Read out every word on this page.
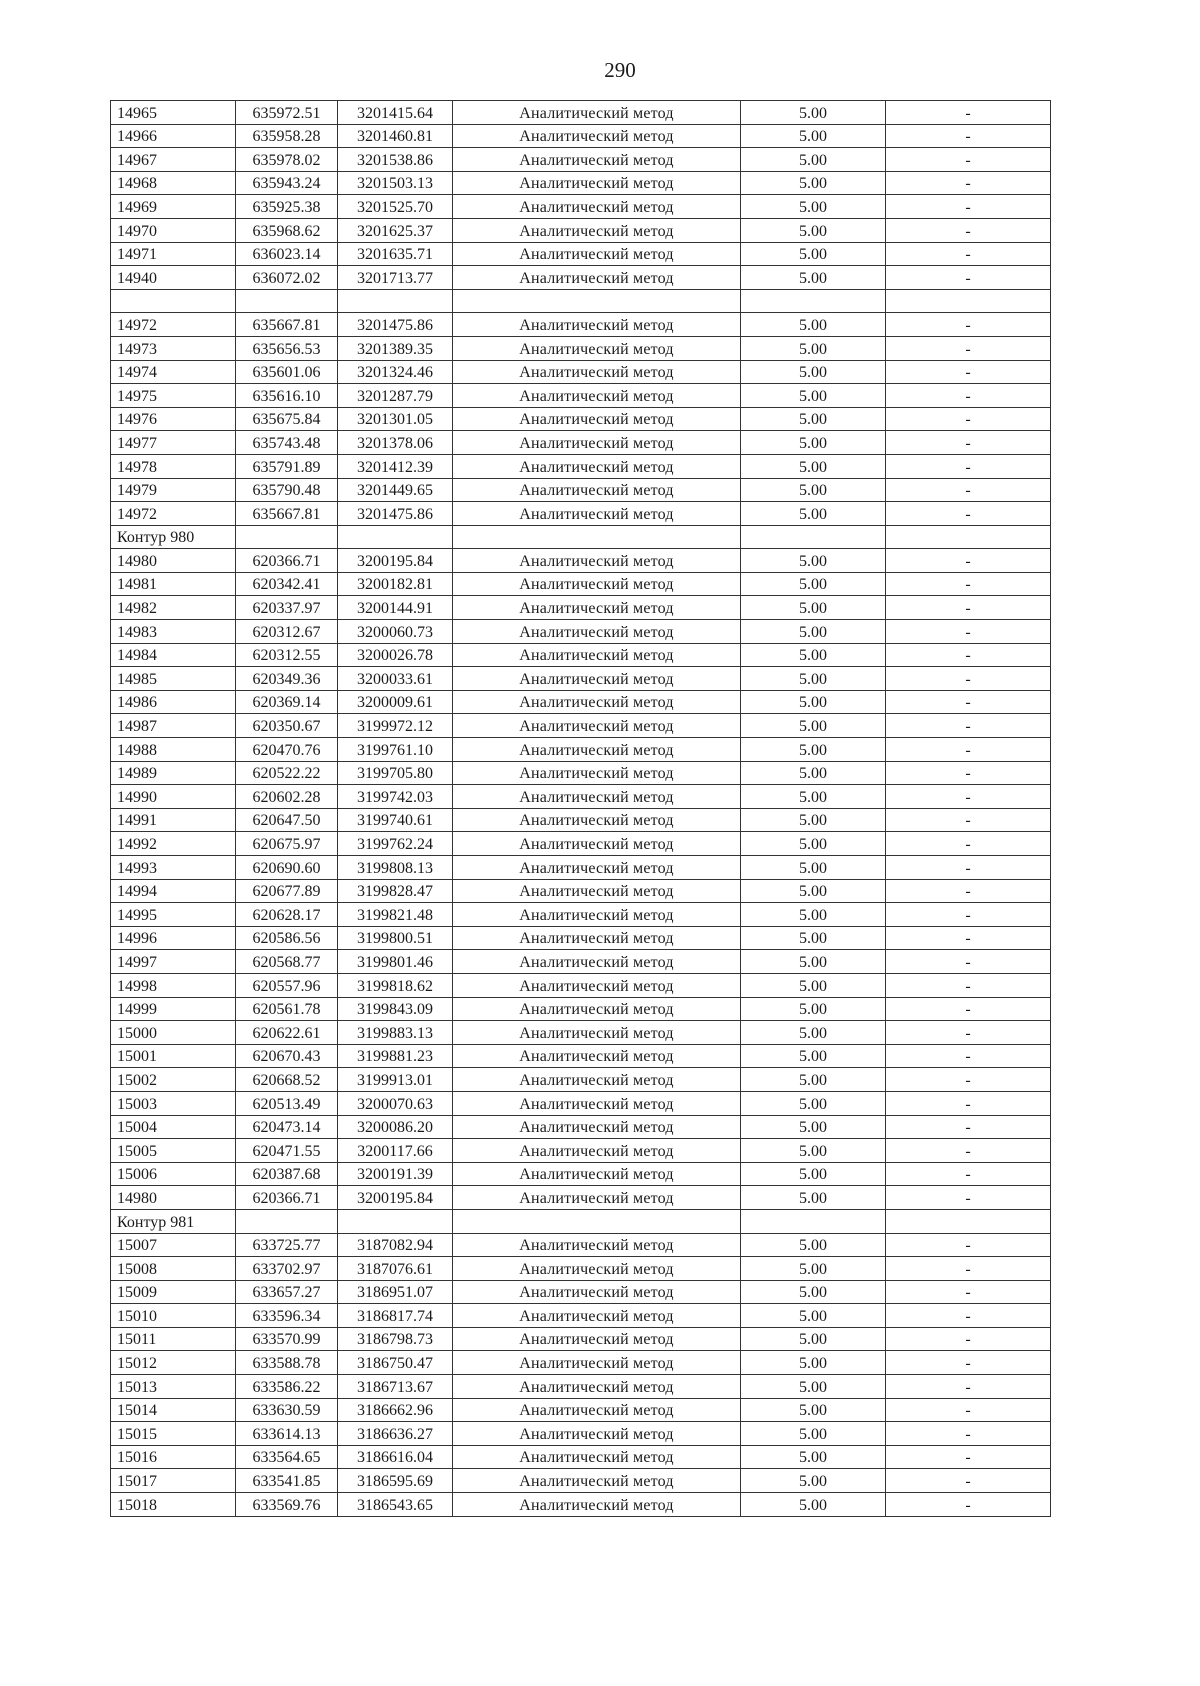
290
14965	635972.51	3201415.64	Аналитический метод	5.00	-
14966	635958.28	3201460.81	Аналитический метод	5.00	-
14967	635978.02	3201538.86	Аналитический метод	5.00	-
14968	635943.24	3201503.13	Аналитический метод	5.00	-
14969	635925.38	3201525.70	Аналитический метод	5.00	-
14970	635968.62	3201625.37	Аналитический метод	5.00	-
14971	636023.14	3201635.71	Аналитический метод	5.00	-
14940	636072.02	3201713.77	Аналитический метод	5.00	-

14972	635667.81	3201475.86	Аналитический метод	5.00	-
14973	635656.53	3201389.35	Аналитический метод	5.00	-
14974	635601.06	3201324.46	Аналитический метод	5.00	-
14975	635616.10	3201287.79	Аналитический метод	5.00	-
14976	635675.84	3201301.05	Аналитический метод	5.00	-
14977	635743.48	3201378.06	Аналитический метод	5.00	-
14978	635791.89	3201412.39	Аналитический метод	5.00	-
14979	635790.48	3201449.65	Аналитический метод	5.00	-
14972	635667.81	3201475.86	Аналитический метод	5.00	-
Контур 980					
14980	620366.71	3200195.84	Аналитический метод	5.00	-
14981	620342.41	3200182.81	Аналитический метод	5.00	-
14982	620337.97	3200144.91	Аналитический метод	5.00	-
14983	620312.67	3200060.73	Аналитический метод	5.00	-
14984	620312.55	3200026.78	Аналитический метод	5.00	-
14985	620349.36	3200033.61	Аналитический метод	5.00	-
14986	620369.14	3200009.61	Аналитический метод	5.00	-
14987	620350.67	3199972.12	Аналитический метод	5.00	-
14988	620470.76	3199761.10	Аналитический метод	5.00	-
14989	620522.22	3199705.80	Аналитический метод	5.00	-
14990	620602.28	3199742.03	Аналитический метод	5.00	-
14991	620647.50	3199740.61	Аналитический метод	5.00	-
14992	620675.97	3199762.24	Аналитический метод	5.00	-
14993	620690.60	3199808.13	Аналитический метод	5.00	-
14994	620677.89	3199828.47	Аналитический метод	5.00	-
14995	620628.17	3199821.48	Аналитический метод	5.00	-
14996	620586.56	3199800.51	Аналитический метод	5.00	-
14997	620568.77	3199801.46	Аналитический метод	5.00	-
14998	620557.96	3199818.62	Аналитический метод	5.00	-
14999	620561.78	3199843.09	Аналитический метод	5.00	-
15000	620622.61	3199883.13	Аналитический метод	5.00	-
15001	620670.43	3199881.23	Аналитический метод	5.00	-
15002	620668.52	3199913.01	Аналитический метод	5.00	-
15003	620513.49	3200070.63	Аналитический метод	5.00	-
15004	620473.14	3200086.20	Аналитический метод	5.00	-
15005	620471.55	3200117.66	Аналитический метод	5.00	-
15006	620387.68	3200191.39	Аналитический метод	5.00	-
14980	620366.71	3200195.84	Аналитический метод	5.00	-
Контур 981					
15007	633725.77	3187082.94	Аналитический метод	5.00	-
15008	633702.97	3187076.61	Аналитический метод	5.00	-
15009	633657.27	3186951.07	Аналитический метод	5.00	-
15010	633596.34	3186817.74	Аналитический метод	5.00	-
15011	633570.99	3186798.73	Аналитический метод	5.00	-
15012	633588.78	3186750.47	Аналитический метод	5.00	-
15013	633586.22	3186713.67	Аналитический метод	5.00	-
15014	633630.59	3186662.96	Аналитический метод	5.00	-
15015	633614.13	3186636.27	Аналитический метод	5.00	-
15016	633564.65	3186616.04	Аналитический метод	5.00	-
15017	633541.85	3186595.69	Аналитический метод	5.00	-
15018	633569.76	3186543.65	Аналитический метод	5.00	-
